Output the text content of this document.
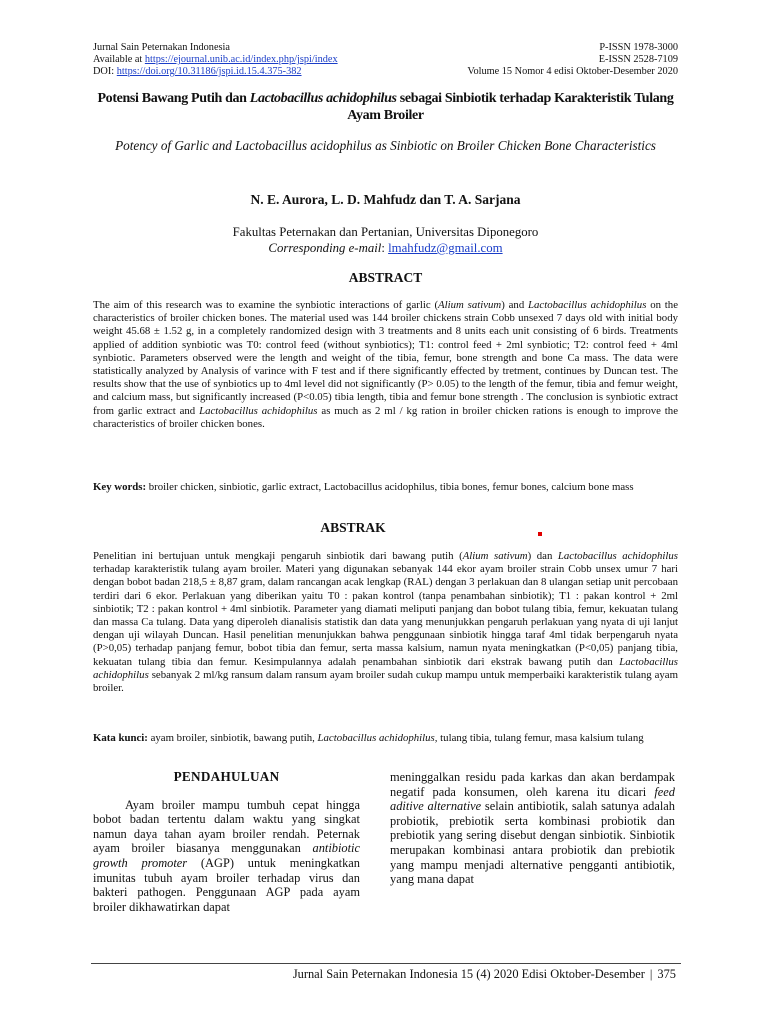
Jurnal Sain Peternakan Indonesia	P-ISSN 1978-3000
Available at https://ejournal.unib.ac.id/index.php/jspi/index	E-ISSN 2528-7109
DOI: https://doi.org/10.31186/jspi.id.15.4.375-382	Volume 15 Nomor 4 edisi Oktober-Desember 2020
Potensi Bawang Putih dan Lactobacillus achidophilus sebagai Sinbiotik terhadap Karakteristik Tulang Ayam Broiler
Potency of Garlic and Lactobacillus acidophilus as Sinbiotic on Broiler Chicken Bone Characteristics
N. E. Aurora, L. D. Mahfudz dan T. A. Sarjana
Fakultas Peternakan dan Pertanian, Universitas Diponegoro
Corresponding e-mail: lmahfudz@gmail.com
ABSTRACT
The aim of this research was to examine the synbiotic interactions of garlic (Alium sativum) and Lactobacillus achidophilus on the characteristics of broiler chicken bones. The material used was 144 broiler chickens strain Cobb unsexed 7 days old with initial body weight 45.68 ± 1.52 g, in a completely randomized design with 3 treatments and 8 units each unit consisting of 6 birds. Treatments applied of addition synbiotic was T0: control feed (without synbiotics); T1: control feed + 2ml synbiotic; T2: control feed + 4ml synbiotic. Parameters observed were the length and weight of the tibia, femur, bone strength and bone Ca mass. The data were statistically analyzed by Analysis of varince with F test and if there significantly effected by tretment, continues by Duncan test. The results show that the use of synbiotics up to 4ml level did not significantly (P> 0.05) to the length of the femur, tibia and femur weight, and calcium mass, but significantly increased (P<0.05) tibia length, tibia and femur bone strength . The conclusion is synbiotic extract from garlic extract and Lactobacillus achidophilus as much as 2 ml / kg ration in broiler chicken rations is enough to improve the characteristics of broiler chicken bones.
Key words: broiler chicken, sinbiotic, garlic extract, Lactobacillus acidophilus, tibia bones, femur bones, calcium bone mass
ABSTRAK
Penelitian ini bertujuan untuk mengkaji pengaruh sinbiotik dari bawang putih (Alium sativum) dan Lactobacillus achidophilus terhadap karakteristik tulang ayam broiler. Materi yang digunakan sebanyak 144 ekor ayam broiler strain Cobb unsex umur 7 hari dengan bobot badan 218,5 ± 8,87 gram, dalam rancangan acak lengkap (RAL) dengan 3 perlakuan dan 8 ulangan setiap unit percobaan terdiri dari 6 ekor. Perlakuan yang diberikan yaitu T0 : pakan kontrol (tanpa penambahan sinbiotik); T1 : pakan kontrol + 2ml sinbiotik; T2 : pakan kontrol + 4ml sinbiotik. Parameter yang diamati meliputi panjang dan bobot tulang tibia, femur, kekuatan tulang dan massa Ca tulang. Data yang diperoleh dianalisis statistik dan data yang menunjukkan pengaruh perlakuan yang nyata di uji lanjut dengan uji wilayah Duncan. Hasil penelitian menunjukkan bahwa penggunaan sinbiotik hingga taraf 4ml tidak berpengaruh nyata (P>0,05) terhadap panjang femur, bobot tibia dan femur, serta massa kalsium, namun nyata meningkatkan (P<0,05) panjang tibia, kekuatan tulang tibia dan femur. Kesimpulannya adalah penambahan sinbiotik dari ekstrak bawang putih dan Lactobacillus achidophilus sebanyak 2 ml/kg ransum dalam ransum ayam broiler sudah cukup mampu untuk memperbaiki karakteristik tulang ayam broiler.
Kata kunci: ayam broiler, sinbiotik, bawang putih, Lactobacillus achidophilus, tulang tibia, tulang femur, masa kalsium tulang
PENDAHULUAN
Ayam broiler mampu tumbuh cepat hingga bobot badan tertentu dalam waktu yang singkat namun daya tahan ayam broiler rendah. Peternak ayam broiler biasanya menggunakan antibiotic growth promoter (AGP) untuk meningkatkan imunitas tubuh ayam broiler terhadap virus dan bakteri pathogen. Penggunaan AGP pada ayam broiler dikhawatirkan dapat
meninggalkan residu pada karkas dan akan berdampak negatif pada konsumen, oleh karena itu dicari feed aditive alternative selain antibiotik, salah satunya adalah probiotik, prebiotik serta kombinasi probiotik dan prebiotik yang sering disebut dengan sinbiotik. Sinbiotik merupakan kombinasi antara probiotik dan prebiotik yang mampu menjadi alternative pengganti antibiotik, yang mana dapat
Jurnal Sain Peternakan Indonesia 15 (4) 2020 Edisi Oktober-Desember | 375
